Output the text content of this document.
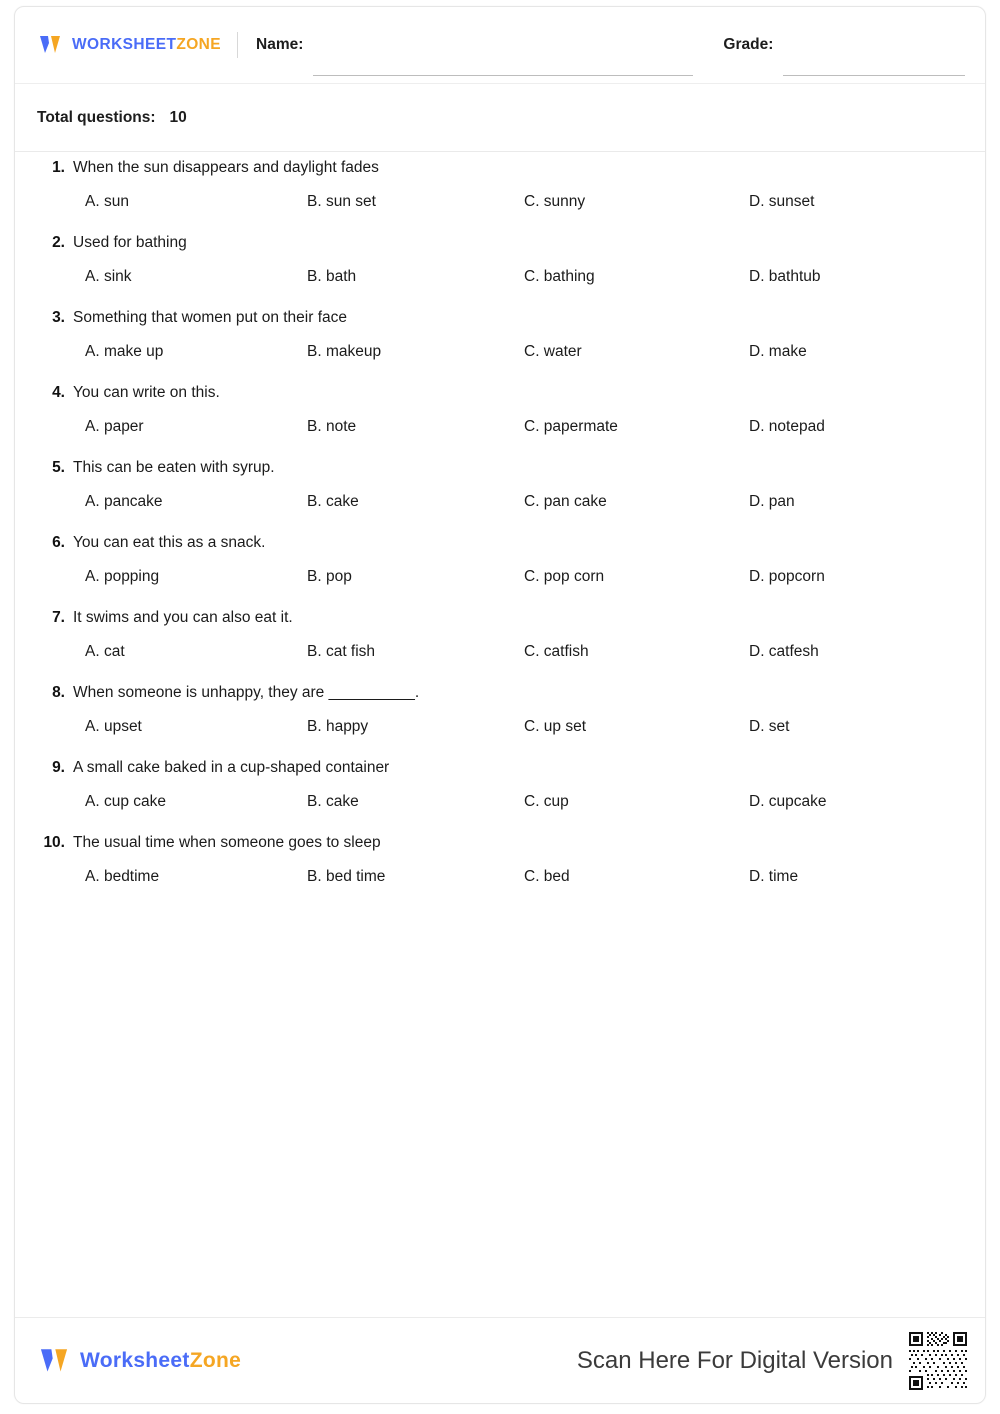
WORKSHEETZONE Name:	Grade:
Total questions: 10
1. When the sun disappears and daylight fades
A. sun	B. sun set	C. sunny	D. sunset
2. Used for bathing
A. sink	B. bath	C. bathing	D. bathtub
3. Something that women put on their face
A. make up	B. makeup	C. water	D. make
4. You can write on this.
A. paper	B. note	C. papermate	D. notepad
5. This can be eaten with syrup.
A. pancake	B. cake	C. pan cake	D. pan
6. You can eat this as a snack.
A. popping	B. pop	C. pop corn	D. popcorn
7. It swims and you can also eat it.
A. cat	B. cat fish	C. catfish	D. catfesh
8. When someone is unhappy, they are __________.
A. upset	B. happy	C. up set	D. set
9. A small cake baked in a cup-shaped container
A. cup cake	B. cake	C. cup	D. cupcake
10. The usual time when someone goes to sleep
A. bedtime	B. bed time	C. bed	D. time
WorksheetZone	Scan Here For Digital Version
